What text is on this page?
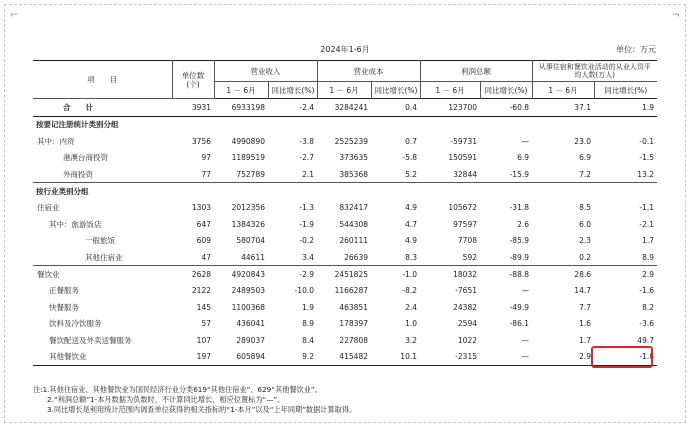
⌐	¬
2024年1-6月	单位：万元
项　　目	单位数
(个)	营业收入		营业成本		利润总额		从事住宿和餐饮业活动的从业人员平均人数(万人)	
		1 － 6月	同比增长(%)	1 － 6月	同比增长(%)	1 － 6月	同比增长(%)	1 － 6月	同比增长(%)
合　　计	3931	6933198	-2.4	3284241	0.4	123700	-60.8	37.1	1.9
按要记注册统计类别分组									
其中：内资	3756	4990890	-3.8	2525239	0.7	-59731	—	23.0	-0.1
港澳台商投资	97	1189519	-2.7	373635	-5.8	150591	6.9	6.9	-1.5
外商投资	77	752789	2.1	385368	5.2	32844	-15.9	7.2	13.2
按行业类别分组									
住宿业	1303	2012356	-1.3	832417	4.9	105672	-31.8	8.5	-1.1
其中：旅游饭店	647	1384326	-1.9	544308	4.7	97597	2.6	6.0	-2.1
一般旅馆	609	580704	-0.2	260111	4.9	7708	-85.9	2.3	1.7
其他住宿业	47	44611	3.4	26639	8.3	592	-89.9	0.2	8.9
餐饮业	2628	4920843	-2.9	2451825	-1.0	18032	-88.8	28.6	2.9
正餐服务	2122	2489503	-10.0	1166287	-8.2	-7651	—	14.7	-1.6
快餐服务	145	1100368	1.9	463851	2.4	24382	-49.9	7.7	8.2
饮料及冷饮服务	57	436041	8.9	178397	1.0	2594	-86.1	1.6	-3.6
餐饮配送及外卖送餐服务	107	289037	8.4	227808	3.2	1022	—	1.7	49.7
其他餐饮业	197	605894	9.2	415482	10.1	-2315	—	2.9	-1.8
注:1.其他住宿业、其他餐饮业为国民经济行业分类619“其他住宿业”、629“其他餐饮业”。
2.“利润总额”1-本月数据为负数时，不计算同比增长，相应位置标为“—”。
3.同比增长是利用统计范围内调查单位获得的相关指标的“1-本月”以及“上年同期”数据计算取得。
